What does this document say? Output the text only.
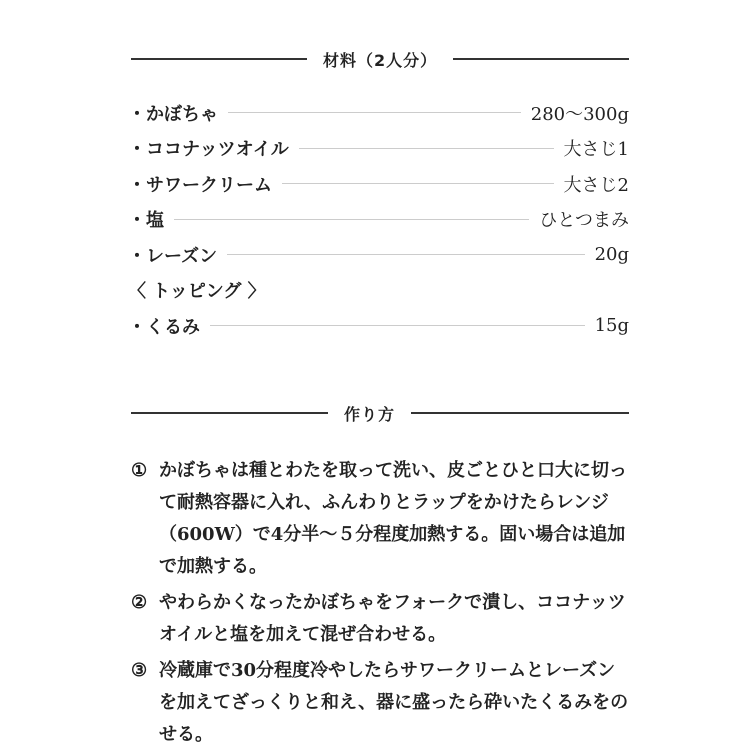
材料（2人分）
・かぼちゃ	280〜300g
・ココナッツオイル	大さじ1
・サワークリーム	大さじ2
・塩	ひとつまみ
・レーズン	20g
〈 トッピング 〉
・くるみ	15g
作り方
① かぼちゃは種とわたを取って洗い、皮ごとひと口大に切って耐熱容器に入れ、ふんわりとラップをかけたらレンジ（600W）で4分半〜５分程度加熱する。固い場合は追加で加熱する。
② やわらかくなったかぼちゃをフォークで潰し、ココナッツオイルと塩を加えて混ぜ合わせる。
③ 冷蔵庫で30分程度冷やしたらサワークリームとレーズンを加えてざっくりと和え、器に盛ったら砕いたくるみをのせる。
